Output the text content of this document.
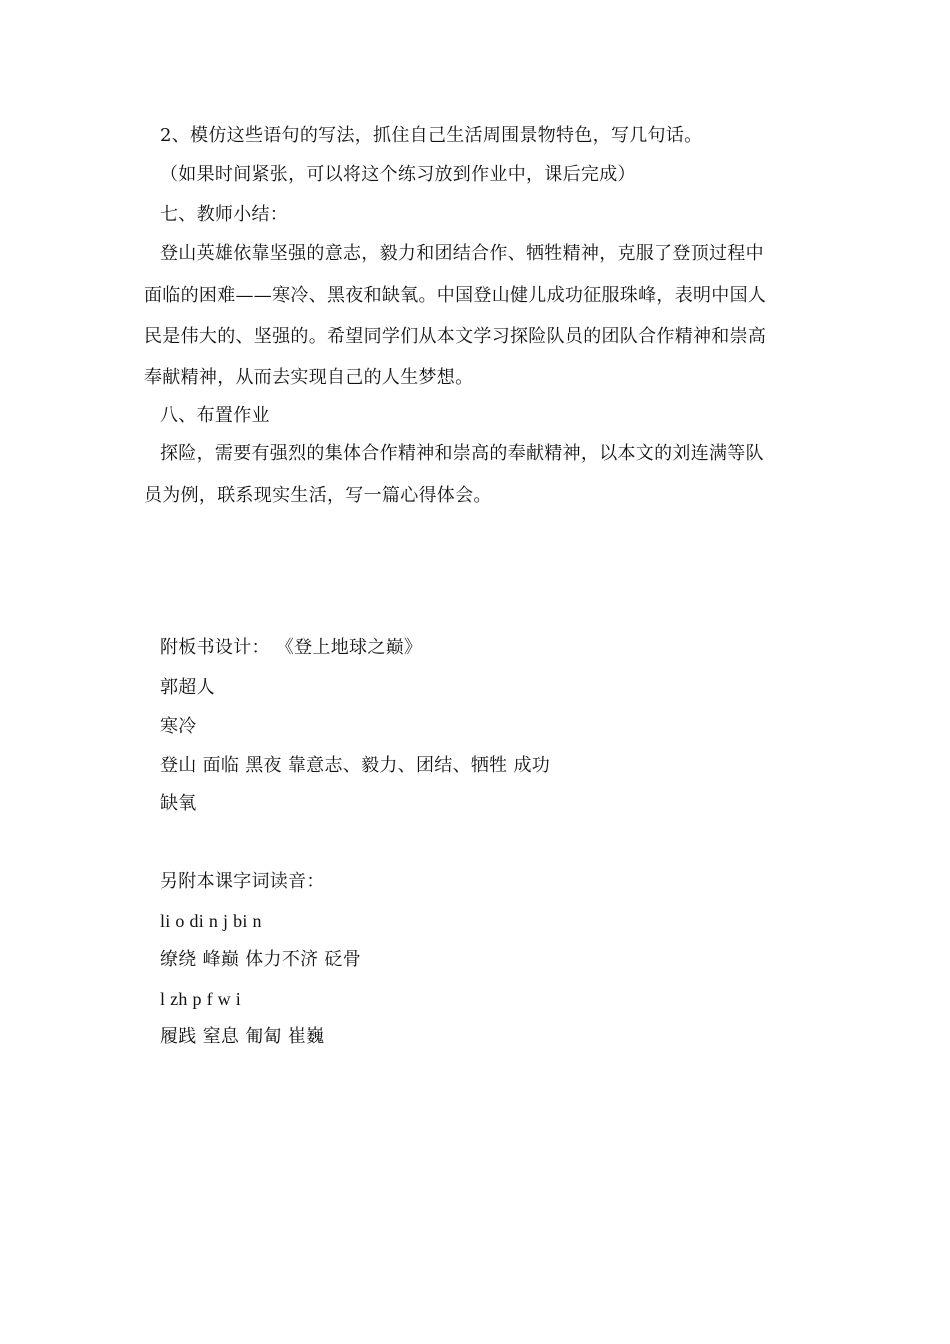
2、模仿这些语句的写法，抓住自己生活周围景物特色，写几句话。
（如果时间紧张，可以将这个练习放到作业中，课后完成）
七、教师小结：
登山英雄依靠坚强的意志，毅力和团结合作、牺牲精神，克服了登顶过程中
面临的困难——寒冷、黑夜和缺氧。中国登山健儿成功征服珠峰，表明中国人
民是伟大的、坚强的。希望同学们从本文学习探险队员的团队合作精神和崇高
奉献精神，从而去实现自己的人生梦想。
八、布置作业
探险，需要有强烈的集体合作精神和崇高的奉献精神，以本文的刘连满等队
员为例，联系现实生活，写一篇心得体会。
附板书设计： 《登上地球之巅》
郭超人
寒冷
登山 面临 黑夜 靠意志、毅力、团结、牺牲 成功
缺氧
另附本课字词读音：
li o di n j bi n
缭绕 峰巅 体力不济 砭骨
l zh p f w i
履践 窒息 匍匐 崔巍
